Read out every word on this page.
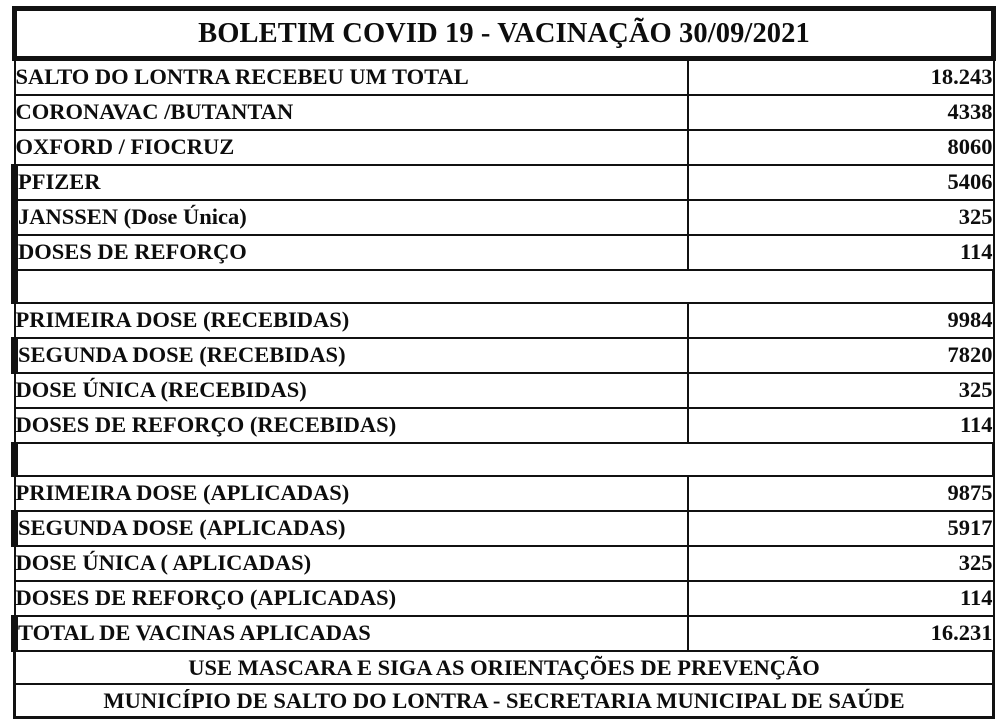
BOLETIM COVID 19 - VACINAÇÃO 30/09/2021	
SALTO DO LONTRA RECEBEU UM TOTAL	18.243
CORONAVAC /BUTANTAN	4338
OXFORD / FIOCRUZ	8060
PFIZER	5406
JANSSEN (Dose Única)	325
DOSES DE REFORÇO	114

PRIMEIRA DOSE (RECEBIDAS)	9984
SEGUNDA DOSE (RECEBIDAS)	7820
DOSE ÚNICA (RECEBIDAS)	325
DOSES DE REFORÇO (RECEBIDAS)	114

PRIMEIRA DOSE (APLICADAS)	9875
SEGUNDA DOSE (APLICADAS)	5917
DOSE ÚNICA ( APLICADAS)	325
DOSES DE REFORÇO (APLICADAS)	114
TOTAL DE VACINAS APLICADAS	16.231
USE MASCARA E SIGA AS ORIENTAÇÕES DE PREVENÇÃO	
MUNICÍPIO DE SALTO DO LONTRA - SECRETARIA MUNICIPAL DE SAÚDE	
